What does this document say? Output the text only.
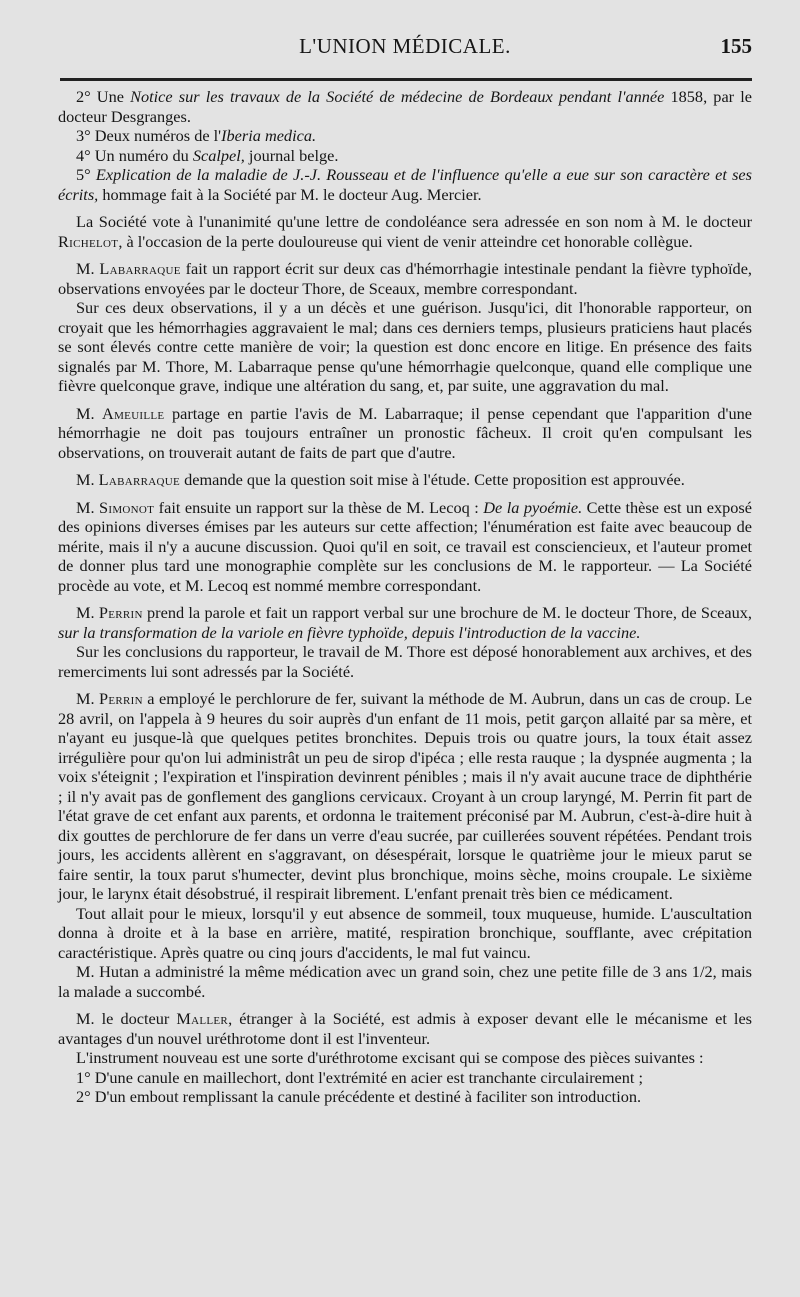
L'UNION MÉDICALE.	155

2° Une Notice sur les travaux de la Société de médecine de Bordeaux pendant l'année 1858, par le docteur Desgranges.

3° Deux numéros de l'Iberia medica.

4° Un numéro du Scalpel, journal belge.

5° Explication de la maladie de J.-J. Rousseau et de l'influence qu'elle a eue sur son caractère et ses écrits, hommage fait à la Société par M. le docteur Aug. Mercier.

La Société vote à l'unanimité qu'une lettre de condoléance sera adressée en son nom à M. le docteur Richelot, à l'occasion de la perte douloureuse qui vient de venir atteindre cet honorable collègue.

M. Labarraque fait un rapport écrit sur deux cas d'hémorrhagie intestinale pendant la fièvre typhoïde, observations envoyées par le docteur Thore, de Sceaux, membre correspondant.

Sur ces deux observations, il y a un décès et une guérison. Jusqu'ici, dit l'honorable rapporteur, on croyait que les hémorrhagies aggravaient le mal; dans ces derniers temps, plusieurs praticiens haut placés se sont élevés contre cette manière de voir; la question est donc encore en litige. En présence des faits signalés par M. Thore, M. Labarraque pense qu'une hémorrhagie quelconque, quand elle complique une fièvre quelconque grave, indique une altération du sang, et, par suite, une aggravation du mal.

M. Ameuille partage en partie l'avis de M. Labarraque; il pense cependant que l'apparition d'une hémorrhagie ne doit pas toujours entraîner un pronostic fâcheux. Il croit qu'en compulsant les observations, on trouverait autant de faits de part que d'autre.

M. Labarraque demande que la question soit mise à l'étude. Cette proposition est approuvée.

M. Simonot fait ensuite un rapport sur la thèse de M. Lecoq : De la pyoémie. Cette thèse est un exposé des opinions diverses émises par les auteurs sur cette affection; l'énumération est faite avec beaucoup de mérite, mais il n'y a aucune discussion. Quoi qu'il en soit, ce travail est consciencieux, et l'auteur promet de donner plus tard une monographie complète sur les conclusions de M. le rapporteur. — La Société procède au vote, et M. Lecoq est nommé membre correspondant.

M. Perrin prend la parole et fait un rapport verbal sur une brochure de M. le docteur Thore, de Sceaux, sur la transformation de la variole en fièvre typhoïde, depuis l'introduction de la vaccine.

Sur les conclusions du rapporteur, le travail de M. Thore est déposé honorablement aux archives, et des remerciments lui sont adressés par la Société.

M. Perrin a employé le perchlorure de fer, suivant la méthode de M. Aubrun, dans un cas de croup. Le 28 avril, on l'appela à 9 heures du soir auprès d'un enfant de 11 mois, petit garçon allaité par sa mère, et n'ayant eu jusque-là que quelques petites bronchites. Depuis trois ou quatre jours, la toux était assez irrégulière pour qu'on lui administrât un peu de sirop d'ipéca ; elle resta rauque ; la dyspnée augmenta ; la voix s'éteignit ; l'expiration et l'inspiration devinrent pénibles ; mais il n'y avait aucune trace de diphthérie ; il n'y avait pas de gonflement des ganglions cervicaux. Croyant à un croup laryngé, M. Perrin fit part de l'état grave de cet enfant aux parents, et ordonna le traitement préconisé par M. Aubrun, c'est-à-dire huit à dix gouttes de perchlorure de fer dans un verre d'eau sucrée, par cuillerées souvent répétées. Pendant trois jours, les accidents allèrent en s'aggravant, on désespérait, lorsque le quatrième jour le mieux parut se faire sentir, la toux parut s'humecter, devint plus bronchique, moins sèche, moins croupale. Le sixième jour, le larynx était désobstrué, il respirait librement. L'enfant prenait très bien ce médicament.

Tout allait pour le mieux, lorsqu'il y eut absence de sommeil, toux muqueuse, humide. L'auscultation donna à droite et à la base en arrière, matité, respiration bronchique, soufflante, avec crépitation caractéristique. Après quatre ou cinq jours d'accidents, le mal fut vaincu.

M. Hutan a administré la même médication avec un grand soin, chez une petite fille de 3 ans 1/2, mais la malade a succombé.

M. le docteur Maller, étranger à la Société, est admis à exposer devant elle le mécanisme et les avantages d'un nouvel uréthrotome dont il est l'inventeur.

L'instrument nouveau est une sorte d'uréthrotome excisant qui se compose des pièces suivantes :

1° D'une canule en maillechort, dont l'extrémité en acier est tranchante circulairement ;

2° D'un embout remplissant la canule précédente et destiné à faciliter son introduction.
